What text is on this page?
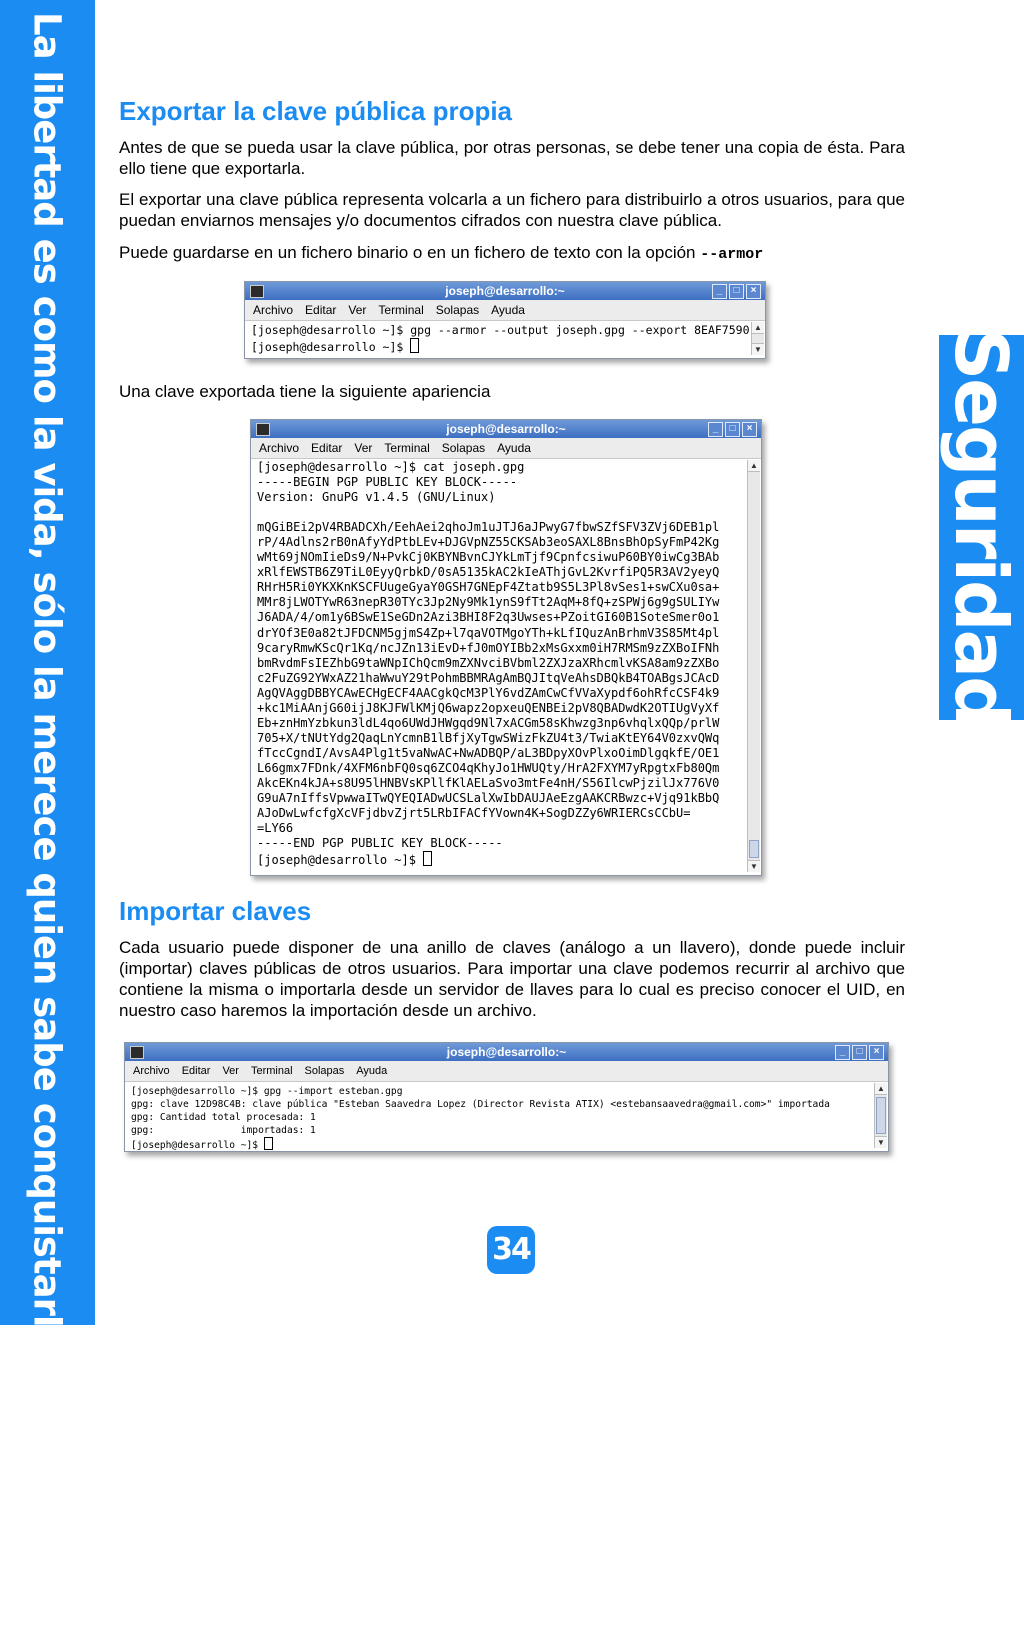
La libertad es como la vida, sólo la merece quien sabe conquistarla todos los días	Seguridad
Exportar la clave pública propia

Antes de que se pueda usar la clave pública, por otras personas, se debe tener una copia de ésta. Para ello tiene que exportarla.

El exportar una clave pública representa volcarla a un fichero para distribuirlo a otros usuarios, para que puedan enviarnos mensajes y/o documentos cifrados con nuestra clave pública.

Puede guardarse en un fichero binario o en un fichero de texto con la opción --armor

joseph@desarrollo:~	_ □ ×
Archivo Editar Ver Terminal Solapas Ayuda
[joseph@desarrollo ~]$ gpg --armor --output joseph.gpg --export 8EAF7590
[joseph@desarrollo ~]$
▲
▼

Una clave exportada tiene la siguiente apariencia

joseph@desarrollo:~	_ □ ×
Archivo Editar Ver Terminal Solapas Ayuda
[joseph@desarrollo ~]$ cat joseph.gpg
-----BEGIN PGP PUBLIC KEY BLOCK-----
Version: GnuPG v1.4.5 (GNU/Linux)
mQGiBEi2pV4RBADCXh/EehAei2qhoJm1uJTJ6aJPwyG7fbwSZfSFV3ZVj6DEB1pl
rP/4Adlns2rB0nAfyYdPtbLEv+DJGVpNZ55CKSAb3eoSAXL8BnsBhOpSyFmP42Kg
wMt69jNOmIieDs9/N+PvkCj0KBYNBvnCJYkLmTjf9CpnfcsiwuP60BY0iwCg3BAb
xRlfEWSTB6Z9TiL0EyyQrbkD/0sA5135kAC2kIeAThjGvL2KvrfiPQ5R3AV2yeyQ
RHrH5Ri0YKXKnKSCFUugeGyaY0GSH7GNEpF4Ztatb9S5L3Pl8vSes1+swCXu0sa+
MMr8jLWOTYwR63nepR30TYc3Jp2Ny9Mk1ynS9fTt2AqM+8fQ+zSPWj6g9gSULIYw
J6ADA/4/om1y6BSwE1SeGDn2Azi3BHI8F2q3Uwses+PZoitGI60B1SoteSmer0o1
drYOf3E0a82tJFDCNM5gjmS4Zp+l7qaVOTMgoYTh+kLfIQuzAnBrhmV3S85Mt4pl
9caryRmwKScQr1Kq/ncJZn13iEvD+fJ0mOYIBb2xMsGxxm0iH7RMSm9zZXBoIFNh
bmRvdmFsIEZhbG9taWNpIChQcm9mZXNvciBVbml2ZXJzaXRhcmlvKSA8am9zZXBo
c2FuZG92YWxAZ21haWwuY29tPohmBBMRAgAmBQJItqVeAhsDBQkB4TOABgsJCAcD
AgQVAggDBBYCAwECHgECF4AACgkQcM3PlY6vdZAmCwCfVVaXypdf6ohRfcCSF4k9
+kc1MiAAnjG60ijJ8KJFWlKMjQ6wapz2opxeuQENBEi2pV8QBADwdK2OTIUgVyXf
Eb+znHmYzbkun3ldL4qo6UWdJHWgqd9Nl7xACGm58sKhwzg3np6vhqlxQQp/prlW
705+X/tNUtYdg2QaqLnYcmnB1lBfjXyTgwSWizFkZU4t3/TwiaKtEY64V0zxvQWq
fTccCgndI/AvsA4Plg1t5vaNwAC+NwADBQP/aL3BDpyXOvPlxoOimDlgqkfE/OE1
L66gmx7FDnk/4XFM6nbFQ0sq6ZCO4qKhyJo1HWUQty/HrA2FXYM7yRpgtxFb80Qm
AkcEKn4kJA+s8U95lHNBVsKPllfKlAELaSvo3mtFe4nH/S56IlcwPjzilJx776V0
G9uA7nIffsVpwwaITwQYEQIADwUCSLalXwIbDAUJAeEzgAAKCRBwzc+Vjq91kBbQ
AJoDwLwfcfgXcVFjdbvZjrt5LRbIFACfYVown4K+SogDZZy6WRIERCsCCbU=
=LY66
-----END PGP PUBLIC KEY BLOCK-----
[joseph@desarrollo ~]$
▲
▼
Importar claves

Cada usuario puede disponer de una anillo de claves (análogo a un llavero), donde puede incluir (importar) claves públicas de otros usuarios. Para importar una clave podemos recurrir al archivo que contiene la misma o importarla desde un servidor de llaves para lo cual es preciso conocer el UID, en nuestro caso haremos la importación desde un archivo.

joseph@desarrollo:~	_ □ ×
Archivo Editar Ver Terminal Solapas Ayuda
[joseph@desarrollo ~]$ gpg --import esteban.gpg
gpg: clave 12D98C4B: clave pública "Esteban Saavedra Lopez (Director Revista ATIX) <estebansaavedra@gmail.com>" importada
gpg: Cantidad total procesada: 1
gpg:               importadas: 1
[joseph@desarrollo ~]$
▲
▼
34
